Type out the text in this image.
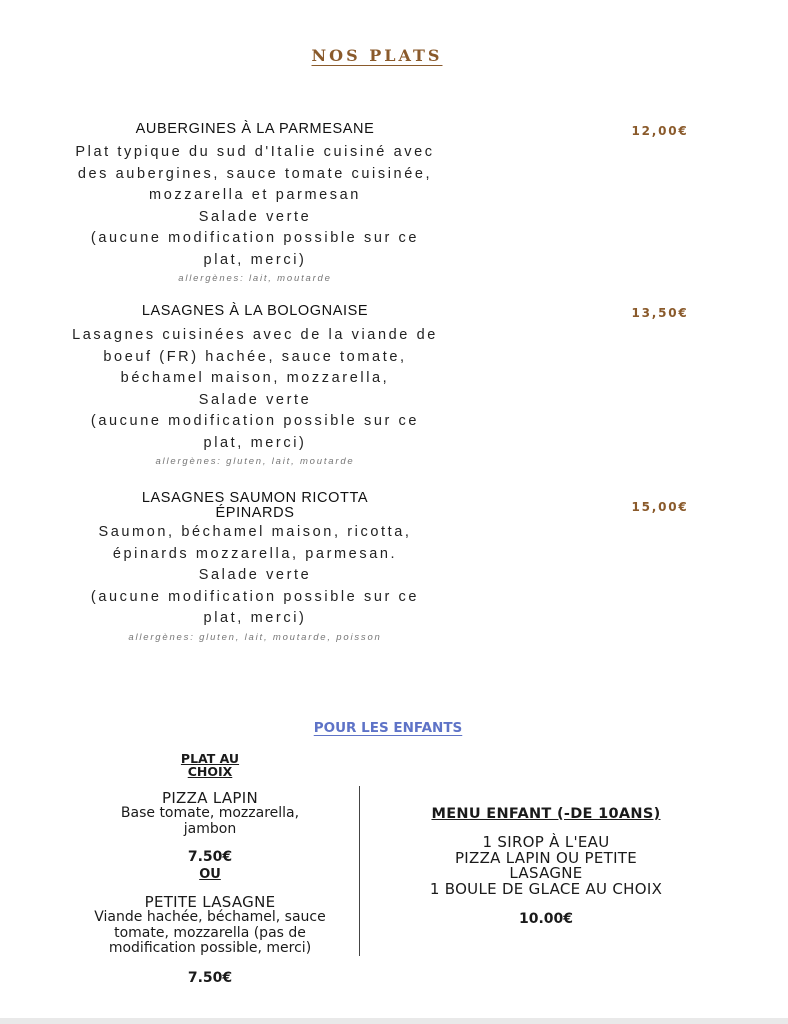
NOS PLATS
AUBERGINES À LA PARMESANE
Plat typique du sud d'Italie cuisiné avec
des aubergines, sauce tomate cuisinée,
mozzarella et parmesan
Salade verte
(aucune modification possible sur ce
plat, merci)
allergènes: lait, moutarde
12,00€
LASAGNES À LA BOLOGNAISE
Lasagnes cuisinées avec de la viande de
boeuf (FR) hachée, sauce tomate,
béchamel maison, mozzarella,
Salade verte
(aucune modification possible sur ce
plat, merci)
allergènes: gluten, lait, moutarde
13,50€
LASAGNES SAUMON RICOTTA
ÉPINARDS
Saumon, béchamel maison, ricotta,
épinards mozzarella, parmesan.
Salade verte
(aucune modification possible sur ce
plat, merci)
allergènes: gluten, lait, moutarde, poisson
15,00€
POUR LES ENFANTS
PLAT AU
CHOIX
PIZZA LAPIN
Base tomate, mozzarella,
jambon
7.50€
OU
PETITE LASAGNE
Viande hachée, béchamel, sauce
tomate, mozzarella (pas de
modification possible, merci)
7.50€
MENU ENFANT (-DE 10ANS)
1 SIROP À L'EAU
PIZZA LAPIN OU PETITE
LASAGNE
1 BOULE DE GLACE AU CHOIX
10.00€
